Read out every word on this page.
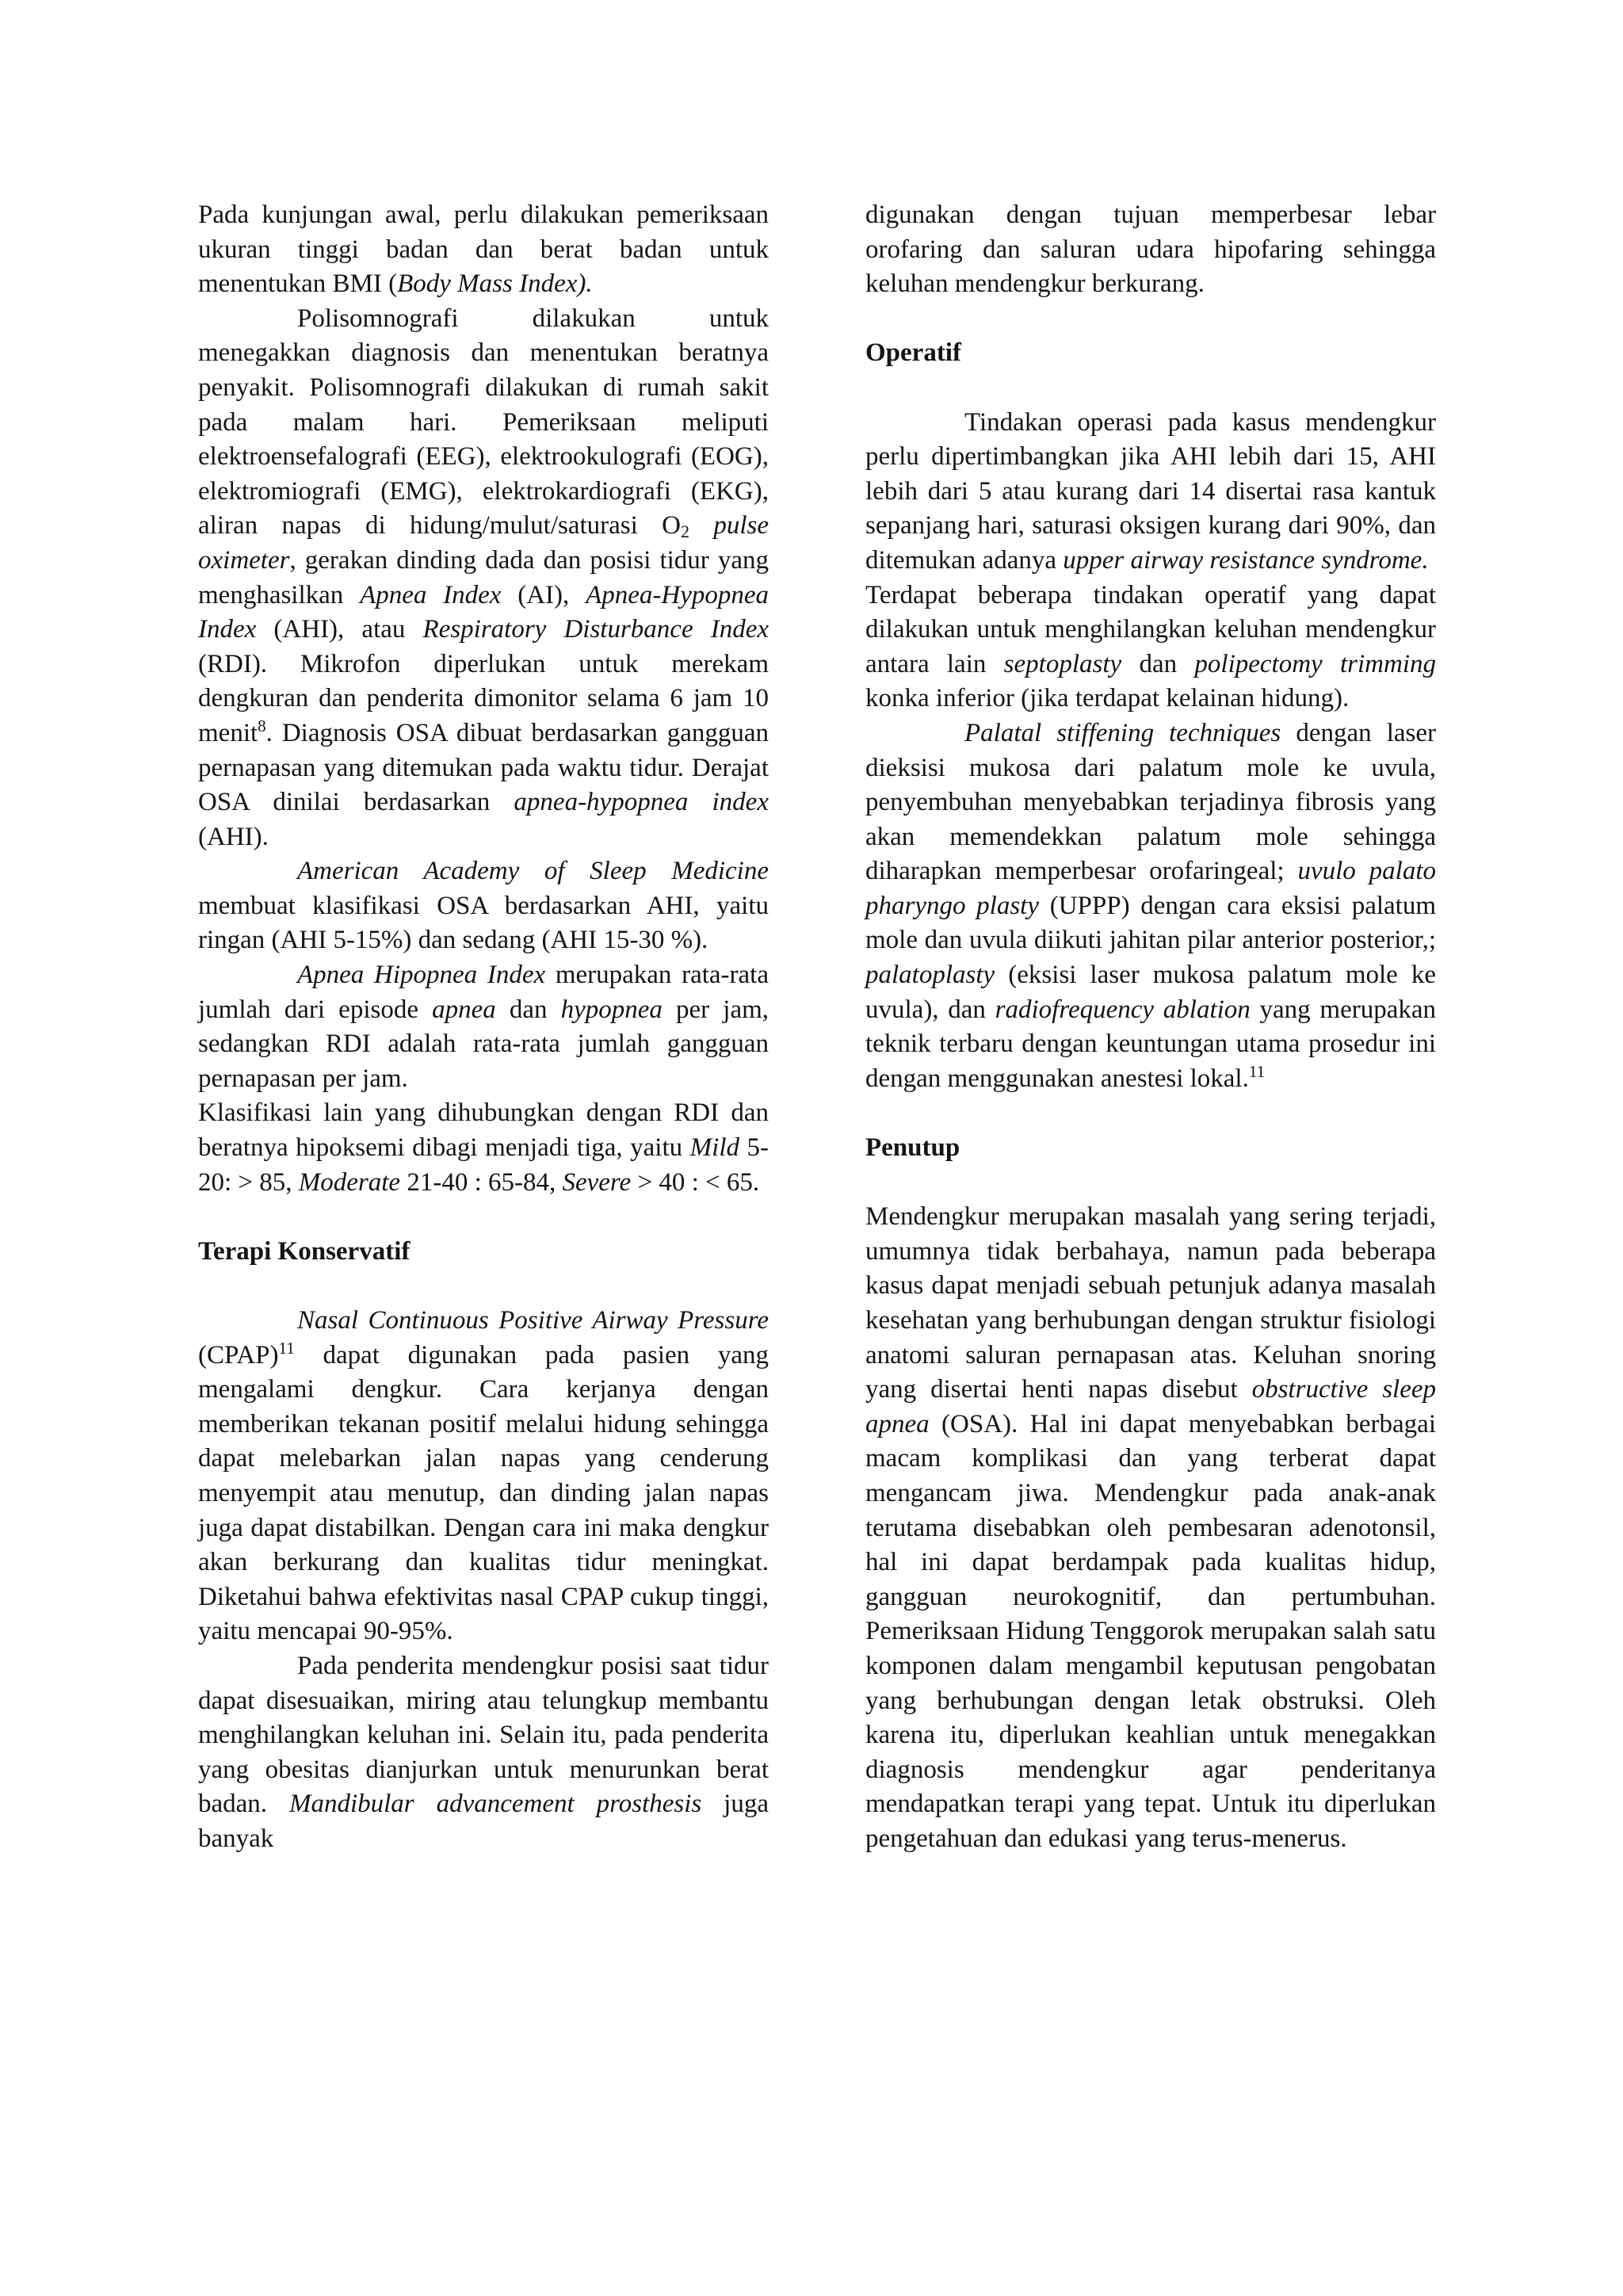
Pada kunjungan awal, perlu dilakukan pemeriksaan ukuran tinggi badan dan berat badan untuk menentukan BMI (Body Mass Index).

Polisomnografi dilakukan untuk menegakkan diagnosis dan menentukan beratnya penyakit. Polisomnografi dilakukan di rumah sakit pada malam hari. Pemeriksaan meliputi elektroensefalografi (EEG), elektrookulografi (EOG), elektromiografi (EMG), elektrokardiografi (EKG), aliran napas di hidung/mulut/saturasi $O_2$ pulse oximeter, gerakan dinding dada dan posisi tidur yang menghasilkan Apnea Index (AI), Apnea-Hypopnea Index (AHI), atau Respiratory Disturbance Index (RDI). Mikrofon diperlukan untuk merekam dengkuran dan penderita dimonitor selama 6 jam 10 menit$^8$. Diagnosis OSA dibuat berdasarkan gangguan pernapasan yang ditemukan pada waktu tidur. Derajat OSA dinilai berdasarkan apnea-hypopnea index (AHI).

American Academy of Sleep Medicine membuat klasifikasi OSA berdasarkan AHI, yaitu ringan (AHI 5-15%) dan sedang (AHI 15-30 %).

Apnea Hipopnea Index merupakan rata-rata jumlah dari episode apnea dan hypopnea per jam, sedangkan RDI adalah rata-rata jumlah gangguan pernapasan per jam.

Klasifikasi lain yang dihubungkan dengan RDI dan beratnya hipoksemi dibagi menjadi tiga, yaitu Mild 5-20: > 85, Moderate 21-40 : 65-84, Severe > 40 : < 65.

Terapi Konservatif

Nasal Continuous Positive Airway Pressure (CPAP)$^{11}$ dapat digunakan pada pasien yang mengalami dengkur. Cara kerjanya dengan memberikan tekanan positif melalui hidung sehingga dapat melebarkan jalan napas yang cenderung menyempit atau menutup, dan dinding jalan napas juga dapat distabilkan. Dengan cara ini maka dengkur akan berkurang dan kualitas tidur meningkat. Diketahui bahwa efektivitas nasal CPAP cukup tinggi, yaitu mencapai 90-95%.

Pada penderita mendengkur posisi saat tidur dapat disesuaikan, miring atau telungkup membantu menghilangkan keluhan ini. Selain itu, pada penderita yang obesitas dianjurkan untuk menurunkan berat badan. Mandibular advancement prosthesis juga banyak

digunakan dengan tujuan memperbesar lebar orofaring dan saluran udara hipofaring sehingga keluhan mendengkur berkurang.

Operatif

Tindakan operasi pada kasus mendengkur perlu dipertimbangkan jika AHI lebih dari 15, AHI lebih dari 5 atau kurang dari 14 disertai rasa kantuk sepanjang hari, saturasi oksigen kurang dari 90%, dan ditemukan adanya upper airway resistance syndrome.

Terdapat beberapa tindakan operatif yang dapat dilakukan untuk menghilangkan keluhan mendengkur antara lain septoplasty dan polipectomy trimming konka inferior (jika terdapat kelainan hidung).

Palatal stiffening techniques dengan laser dieksisi mukosa dari palatum mole ke uvula, penyembuhan menyebabkan terjadinya fibrosis yang akan memendekkan palatum mole sehingga diharapkan memperbesar orofaringeal; uvulo palato pharyngo plasty (UPPP) dengan cara eksisi palatum mole dan uvula diikuti jahitan pilar anterior posterior,; palatoplasty (eksisi laser mukosa palatum mole ke uvula), dan radiofrequency ablation yang merupakan teknik terbaru dengan keuntungan utama prosedur ini dengan menggunakan anestesi lokal.$^{11}$

Penutup

Mendengkur merupakan masalah yang sering terjadi, umumnya tidak berbahaya, namun pada beberapa kasus dapat menjadi sebuah petunjuk adanya masalah kesehatan yang berhubungan dengan struktur fisiologi anatomi saluran pernapasan atas. Keluhan snoring yang disertai henti napas disebut obstructive sleep apnea (OSA). Hal ini dapat menyebabkan berbagai macam komplikasi dan yang terberat dapat mengancam jiwa. Mendengkur pada anak-anak terutama disebabkan oleh pembesaran adenotonsil, hal ini dapat berdampak pada kualitas hidup, gangguan neurokognitif, dan pertumbuhan. Pemeriksaan Hidung Tenggorok merupakan salah satu komponen dalam mengambil keputusan pengobatan yang berhubungan dengan letak obstruksi. Oleh karena itu, diperlukan keahlian untuk menegakkan diagnosis mendengkur agar penderitanya mendapatkan terapi yang tepat. Untuk itu diperlukan pengetahuan dan edukasi yang terus-menerus.
